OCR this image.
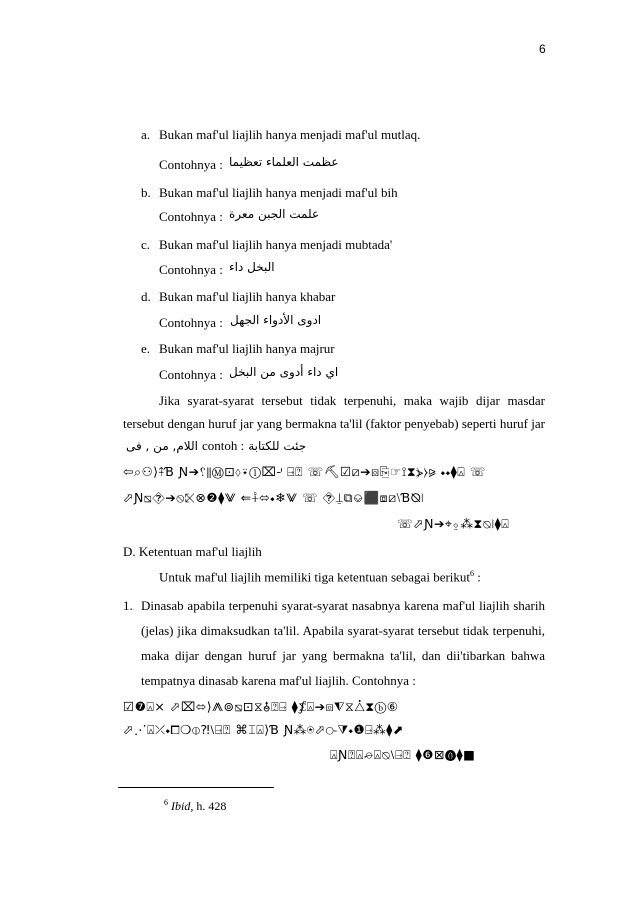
6
a. Bukan maf'ul liajlih hanya menjadi maf'ul mutlaq.
Contohnya : عظمت العلماء تعظيما
b. Bukan maf'ul liajlih hanya menjadi maf'ul bih
Contohnya : علمت الجبن معرة
c. Bukan maf'ul liajlih hanya menjadi mubtada'
Contohnya : البخل داء
d. Bukan maf'ul liajlih hanya khabar
Contohnya : ادوى الأدواء الجهل
e. Bukan maf'ul liajlih hanya majrur
Contohnya : اي داء أدوى من البخل
Jika syarat-syarat tersebut tidak terpenuhi, maka wajib dijar masdar
tersebut dengan huruf jar yang bermakna ta'lil (faktor penyebab) seperti huruf jar
اللام, من , فى contoh : جئت للكتابة
⇦⌕⚇⟩⤉Ɓ Ɲ➔␦⦀Ⓜ⊡⬨⍣ⓛ⌧⌏⍈⍰ ☏⛏☑⧄➔⧇⎘☞⟟⧗⦔⧽⪩ ⬩⬩⧫⍓ ☏
⬀Ɲ⧅⯑➔⦸⤪⊗❷⧫⨈ ⇐⨢⬄⬩❄⨈ ☏ ⯑⍊⧉⎉⬛⧈⧄⧵Ɓ⦰⧘
☏⬀Ɲ➔⌖⍚⁂⧗⦰⧘⧫⍓
D. Ketentuan maf'ul liajlih
Untuk maf'ul liajlih memiliki tiga ketentuan sebagai berikut$^6$ :
1. Dinasab apabila terpenuhi syarat-syarat nasabnya karena maf'ul liajlih sharih
(jelas) jika dimaksudkan ta'lil. Apabila syarat-syarat tersebut tidak terpenuhi,
maka dijar dengan huruf jar yang bermakna ta'lil, dan dii'tibarkan bahwa
tempatnya dinasab karena maf'ul liajlih. Contohnya :
☑❼⍓⨯ ⬀⌧⬄⟩⨇⊚⧅⊡⧖⯗⍰⍈ ⧫⨋⍓➔⧇⧨⧖⧊⧗ⓑ⑥
⬀⋰⍓⤫⬩⧠❍⦷⁈⧵⍈⍰ ⌘⌶⍓⟩Ɓ Ɲ⁂⍟⬀⧃⧩⬩❶⍈⁂⧫⬈
⍓Ɲ⍰⍓⌮⍓⦰⧵⍈⍰ ⧫❻⊠⓿⧫■
$^6$ Ibid, h. 428
